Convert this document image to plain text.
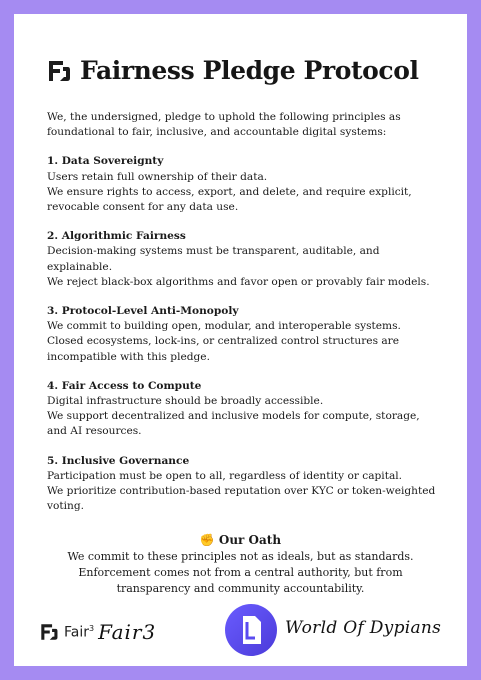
Fairness Pledge Protocol

We, the undersigned, pledge to uphold the following principles as foundational to fair, inclusive, and accountable digital systems:

1. Data Sovereignty
Users retain full ownership of their data.
We ensure rights to access, export, and delete, and require explicit, revocable consent for any data use.
2. Algorithmic Fairness
Decision-making systems must be transparent, auditable, and explainable.
We reject black-box algorithms and favor open or provably fair models.
3. Protocol-Level Anti-Monopoly
We commit to building open, modular, and interoperable systems.
Closed ecosystems, lock-ins, or centralized control structures are incompatible with this pledge.
4. Fair Access to Compute
Digital infrastructure should be broadly accessible.
We support decentralized and inclusive models for compute, storage, and AI resources.
5. Inclusive Governance
Participation must be open to all, regardless of identity or capital.
We prioritize contribution-based reputation over KYC or token-weighted voting.
✊ Our Oath
We commit to these principles not as ideals, but as standards.
Enforcement comes not from a central authority, but from transparency and community accountability.
Fair$^3$ Fair3	World Of Dypians
